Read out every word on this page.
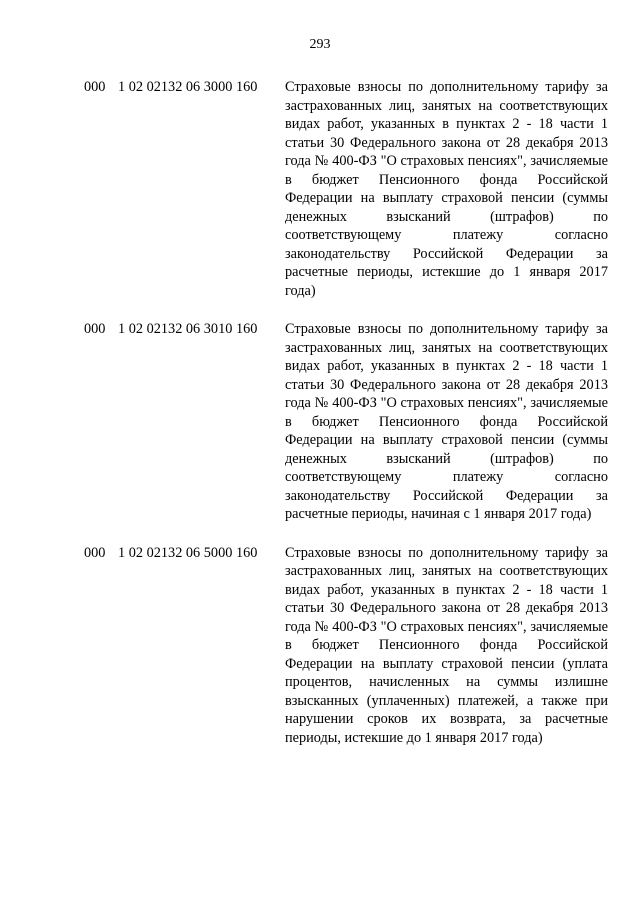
293
000 1 02 02132 06 3000 160 Страховые взносы по дополнительному тарифу за застрахованных лиц, занятых на соответствующих видах работ, указанных в пунктах 2 - 18 части 1 статьи 30 Федерального закона от 28 декабря 2013 года № 400-ФЗ "О страховых пенсиях", зачисляемые в бюджет Пенсионного фонда Российской Федерации на выплату страховой пенсии (суммы денежных взысканий (штрафов) по соответствующему платежу согласно законодательству Российской Федерации за расчетные периоды, истекшие до 1 января 2017 года)
000 1 02 02132 06 3010 160 Страховые взносы по дополнительному тарифу за застрахованных лиц, занятых на соответствующих видах работ, указанных в пунктах 2 - 18 части 1 статьи 30 Федерального закона от 28 декабря 2013 года № 400-ФЗ "О страховых пенсиях", зачисляемые в бюджет Пенсионного фонда Российской Федерации на выплату страховой пенсии (суммы денежных взысканий (штрафов) по соответствующему платежу согласно законодательству Российской Федерации за расчетные периоды, начиная с 1 января 2017 года)
000 1 02 02132 06 5000 160 Страховые взносы по дополнительному тарифу за застрахованных лиц, занятых на соответствующих видах работ, указанных в пунктах 2 - 18 части 1 статьи 30 Федерального закона от 28 декабря 2013 года № 400-ФЗ "О страховых пенсиях", зачисляемые в бюджет Пенсионного фонда Российской Федерации на выплату страховой пенсии (уплата процентов, начисленных на суммы излишне взысканных (уплаченных) платежей, а также при нарушении сроков их возврата, за расчетные периоды, истекшие до 1 января 2017 года)
